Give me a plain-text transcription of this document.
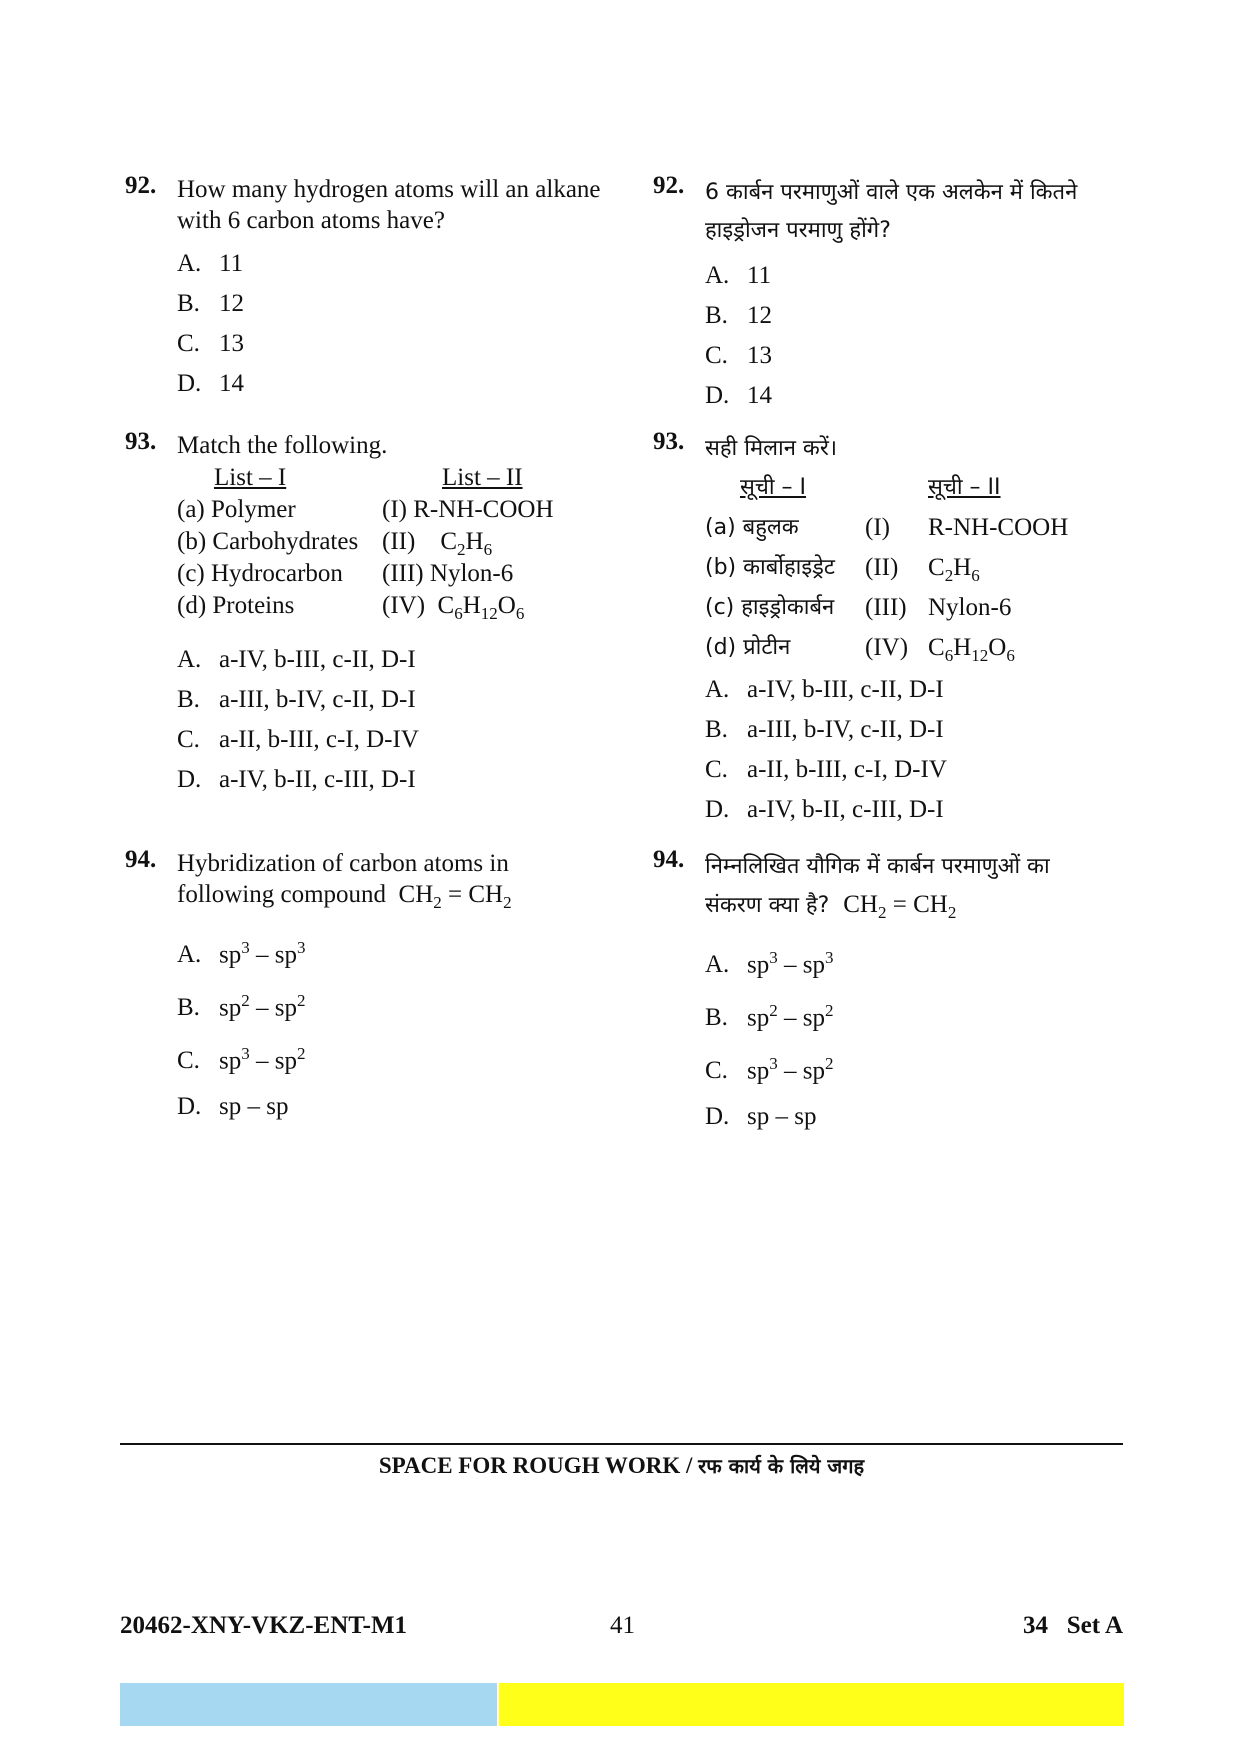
92. How many hydrogen atoms will an alkane with 6 carbon atoms have?
A. 11
B. 12
C. 13
D. 14
93. Match the following.
List – I	List – II
(a) Polymer	(I) R-NH-COOH
(b) Carbohydrates (II)    $C_2H_6$
(c) Hydrocarbon (III) Nylon-6
(d) Proteins	(IV)  $C_6H_{12}O_6$
A. a-IV, b-III, c-II, D-I
B. a-III, b-IV, c-II, D-I
C. a-II, b-III, c-I, D-IV
D. a-IV, b-II, c-III, D-I
94. Hybridization of carbon atoms in
following compound  $CH_2 = CH_2$
A. $sp^3 - sp^3$
B. $sp^2 - sp^2$
C. $sp^3 - sp^2$
D. sp – sp
92. 6 कार्बन परमाणुओं वाले एक अलकेन में कितने हाइड्रोजन परमाणु होंगे?
A. 11
B. 12
C. 13
D. 14
93. सही मिलान करें।
सूची – I	सूची – II
(a) बहुलक	(I) R-NH-COOH
(b) कार्बोहाइड्रेट (II) $C_2H_6$
(c) हाइड्रोकार्बन (III) Nylon-6
(d) प्रोटीन	(IV) $C_6H_{12}O_6$
A. a-IV, b-III, c-II, D-I
B. a-III, b-IV, c-II, D-I
C. a-II, b-III, c-I, D-IV
D. a-IV, b-II, c-III, D-I
94. निम्नलिखित यौगिक में कार्बन परमाणुओं का
संकरण क्या है? $CH_2 = CH_2$
A. $sp^3 - sp^3$
B. $sp^2 - sp^2$
C. $sp^3 - sp^2$
D. sp – sp
SPACE FOR ROUGH WORK / रफ कार्य के लिये जगह
20462-XNY-VKZ-ENT-M1	41	34   Set A
